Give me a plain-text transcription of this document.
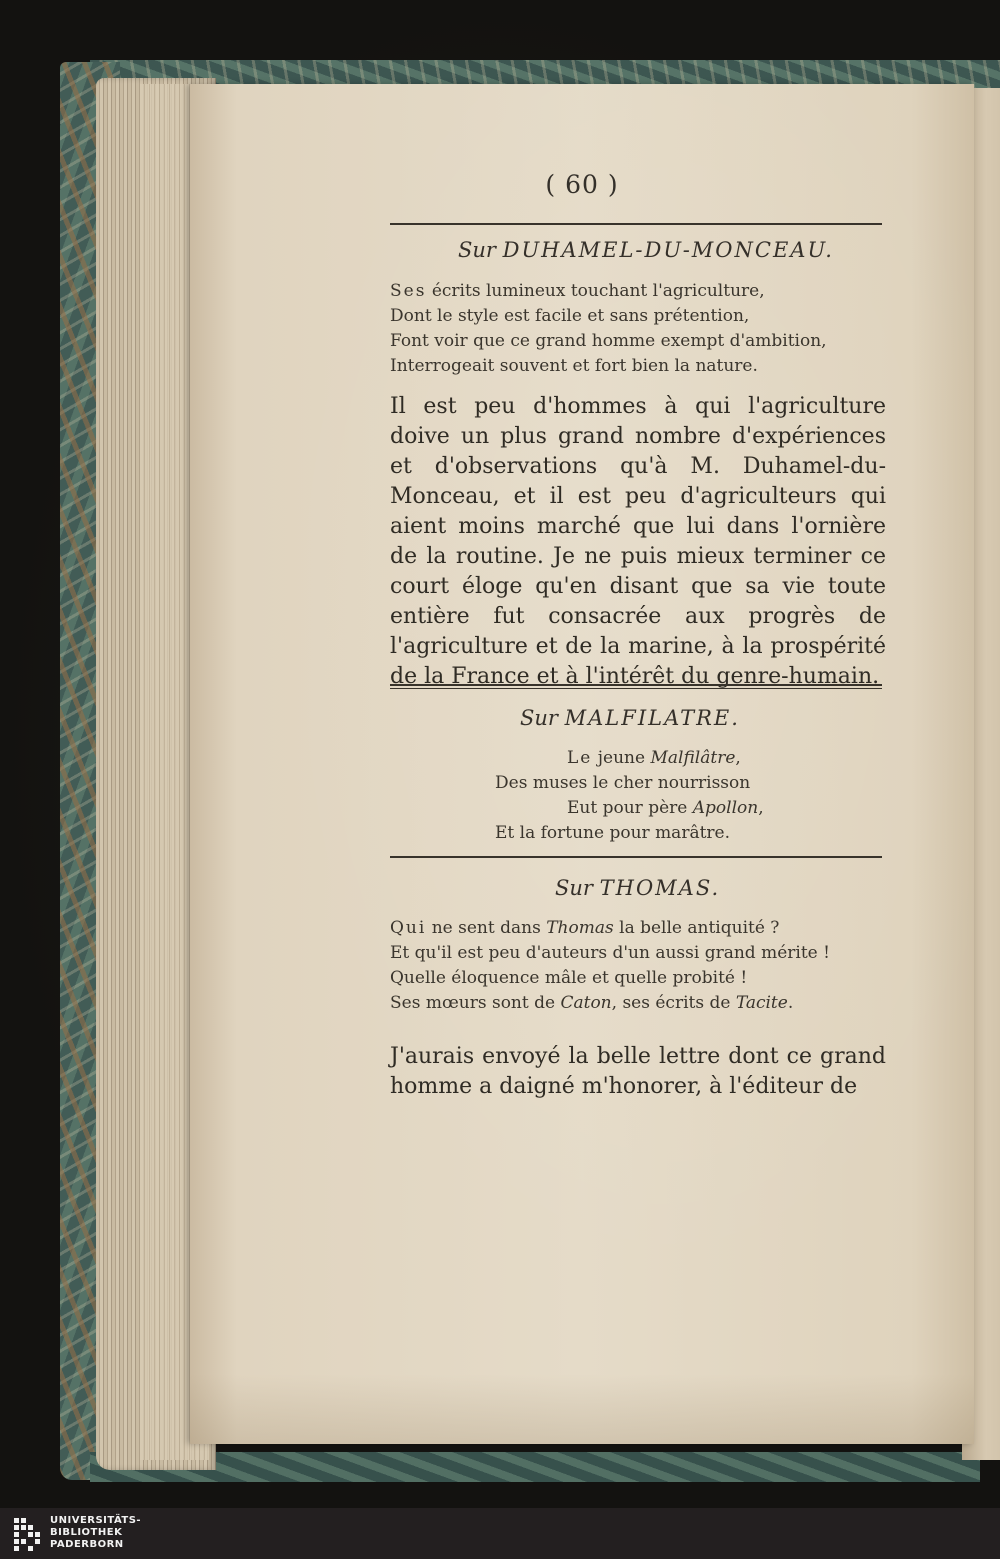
( 60 )
Sur DUHAMEL-DU-MONCEAU.
Ses écrits lumineux touchant l'agriculture,
Dont le style est facile et sans prétention,
Font voir que ce grand homme exempt d'ambition,
Interrogeait souvent et fort bien la nature.
Il est peu d'hommes à qui l'agriculture doive un plus grand nombre d'expériences et d'observations qu'à M. Duhamel-du-Monceau, et il est peu d'agriculteurs qui aient moins marché que lui dans l'ornière de la routine. Je ne puis mieux terminer ce court éloge qu'en disant que sa vie toute entière fut consacrée aux progrès de l'agriculture et de la marine, à la prospérité de la France et à l'intérêt du genre-humain.
Sur MALFILATRE.
Le jeune Malfilâtre,
Des muses le cher nourrisson
Eut pour père Apollon,
Et la fortune pour marâtre.
Sur THOMAS.
Qui ne sent dans Thomas la belle antiquité ?
Et qu'il est peu d'auteurs d'un aussi grand mérite !
Quelle éloquence mâle et quelle probité !
Ses mœurs sont de Caton, ses écrits de Tacite.
J'aurais envoyé la belle lettre dont ce grand homme a daigné m'honorer, à l'éditeur de
UNIVERSITÄTS-
BIBLIOTHEK
PADERBORN
